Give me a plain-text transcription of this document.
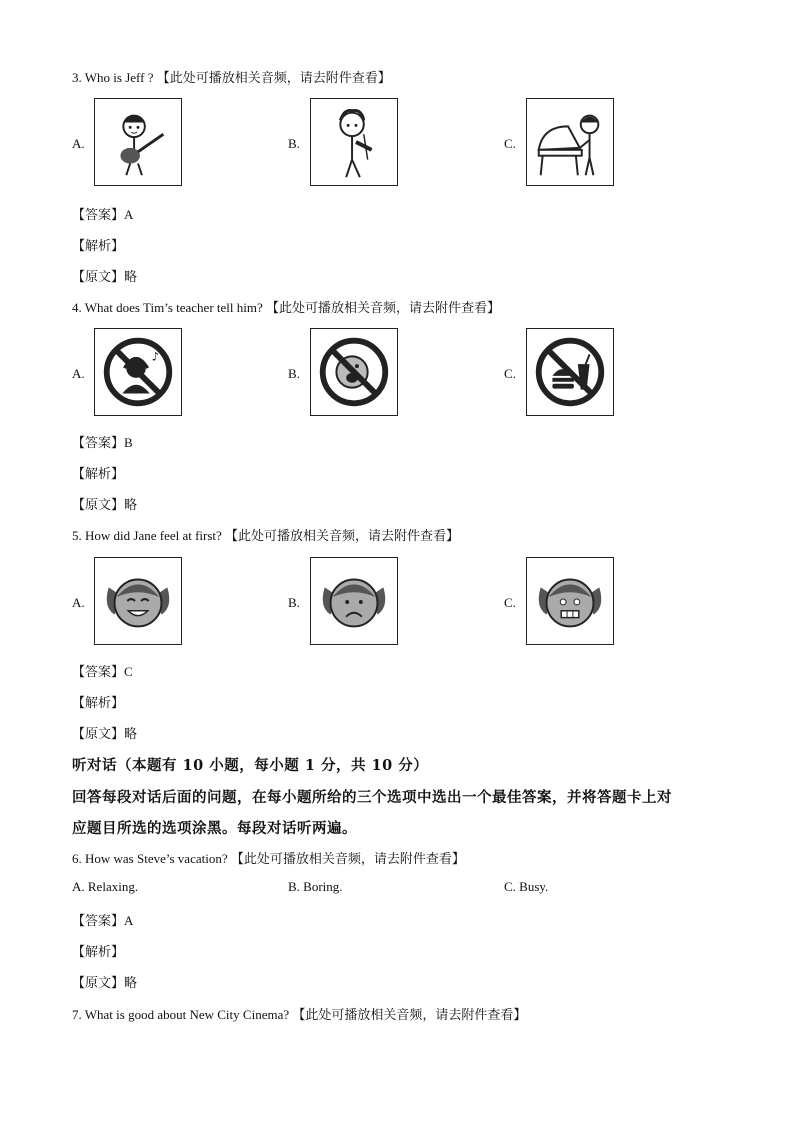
3. Who is Jeff ? 【此处可播放相关音频，请去附件查看】
A.	B.	C.
【答案】A
【解析】
【原文】略
4. What does Tim’s teacher tell him? 【此处可播放相关音频，请去附件查看】
A.
♪
B.	C.
【答案】B
【解析】
【原文】略
5. How did Jane feel at first? 【此处可播放相关音频，请去附件查看】
A.	B.	C.
【答案】C
【解析】
【原文】略
听对话（本题有 10 小题，每小题 1 分，共 10 分）
回答每段对话后面的问题，在每小题所给的三个选项中选出一个最佳答案，并将答题卡上对
应题目所选的选项涂黑。每段对话听两遍。
6. How was Steve’s vacation? 【此处可播放相关音频，请去附件查看】
A. Relaxing.	B. Boring.	C. Busy.
【答案】A
【解析】
【原文】略
7. What is good about New City Cinema? 【此处可播放相关音频，请去附件查看】
